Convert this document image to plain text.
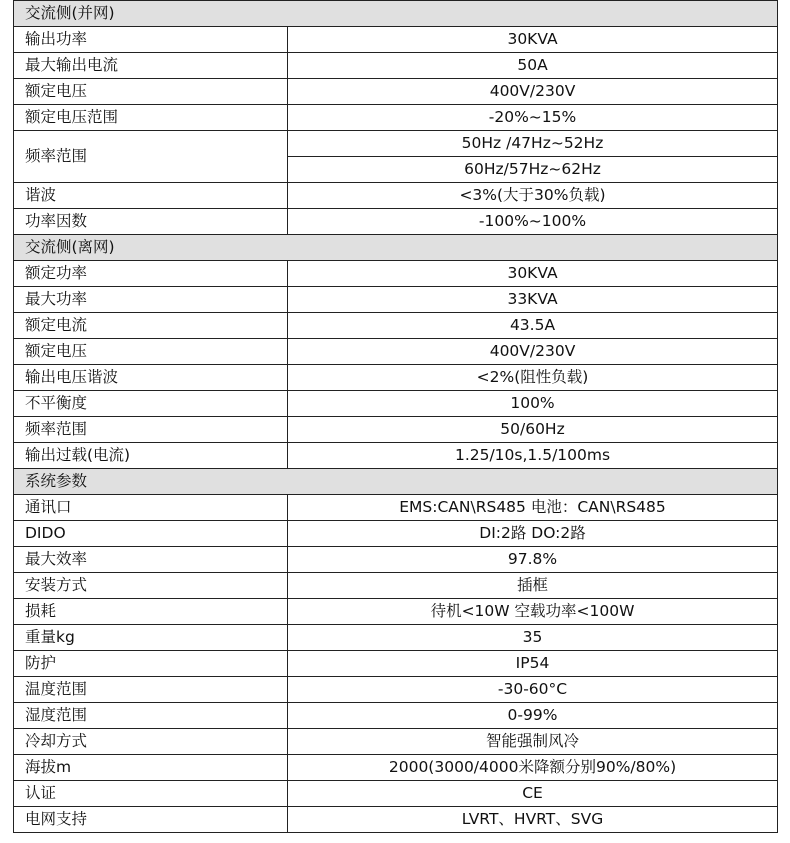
交流侧(并网)	
输出功率	30KVA
最大输出电流	50A
额定电压	400V/230V
额定电压范围	-20%~15%
频率范围	50Hz /47Hz~52Hz
	60Hz/57Hz~62Hz
谐波	<3%(大于30%负载)
功率因数	-100%~100%
交流侧(离网)	
额定功率	30KVA
最大功率	33KVA
额定电流	43.5A
额定电压	400V/230V
输出电压谐波	<2%(阻性负载)
不平衡度	100%
频率范围	50/60Hz
输出过载(电流)	1.25/10s,1.5/100ms
系统参数	
通讯口	EMS:CAN\RS485 电池：CAN\RS485
DIDO	DI:2路 DO:2路
最大效率	97.8%
安装方式	插框
损耗	待机<10W 空载功率<100W
重量kg	35
防护	IP54
温度范围	-30-60°C
湿度范围	0-99%
冷却方式	智能强制风冷
海拔m	2000(3000/4000米降额分别90%/80%)
认证	CE
电网支持	LVRT、HVRT、SVG
